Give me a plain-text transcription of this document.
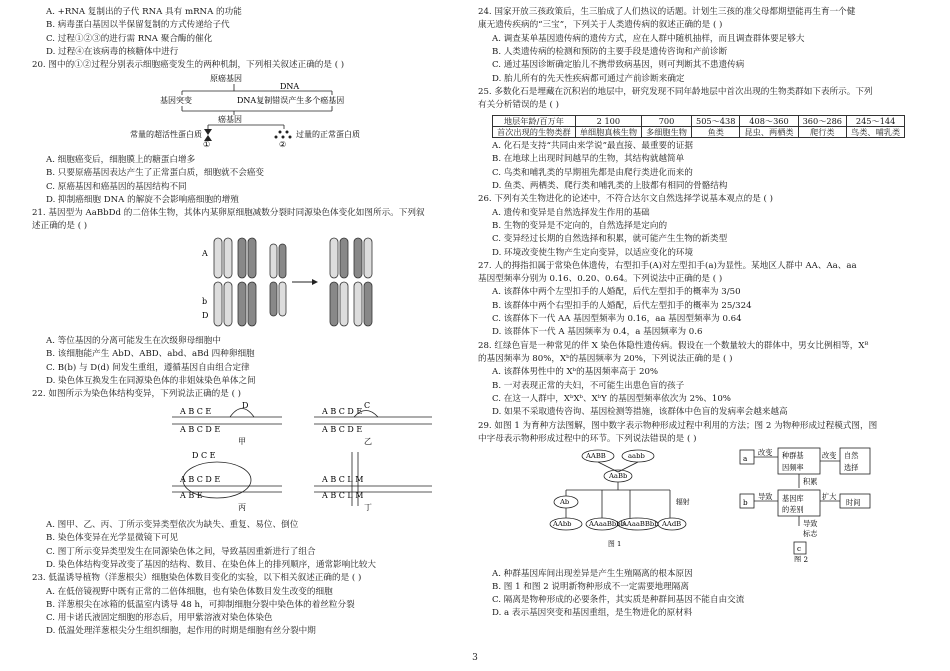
A. +RNA 复制出的子代 RNA 具有 mRNA 的功能
B. 病毒蛋白基因以半保留复制的方式传递给子代
C. 过程①②③的进行需 RNA 聚合酶的催化
D. 过程④在该病毒的核糖体中进行
20. 图中的①②过程分别表示细胞癌变发生的两种机制，下列相关叙述正确的是 ( )
原癌基因
DNA
基因突变	DNA复制错误产生多个癌基因
癌基因
常量的超活性蛋白质	过量的正常蛋白质
①	②
A. 细胞癌变后，细胞膜上的糖蛋白增多
B. 只要原癌基因表达产生了正常蛋白质，细胞就不会癌变
C. 原癌基因和癌基因的基因结构不同
D. 抑制癌细胞 DNA 的解旋不会影响癌细胞的增殖
21. 基因型为 AaBbDd 的二倍体生物，其体内某卵原细胞减数分裂时同源染色体变化如图所示。下列叙
述正确的是 ( )
A
b
D
A. 等位基因的分离可能发生在次级卵母细胞中
B. 该细胞能产生 AbD、ABD、abd、aBd 四种卵细胞
C. B(b) 与 D(d) 间发生重组，遵循基因自由组合定律
D. 染色体互换发生在同源染色体的非姐妹染色单体之间
22. 如图所示为染色体结构变异，下列说法正确的是 ( )
A B C E
D
A B C D E
甲
A B C D E
C
A B C D E
乙
D C E
A B C D E
A B E
丙
A B C L M
A B C L M
丁
A. 图甲、乙、丙、丁所示变异类型依次为缺失、重复、易位、倒位
B. 染色体变异在光学显微镜下可见
C. 图丁所示变异类型发生在同源染色体之间，导致基因重新进行了组合
D. 染色体结构变异改变了基因的结构、数目、在染色体上的排列顺序，通常影响比较大
23. 低温诱导植物（洋葱根尖）细胞染色体数目变化的实验，以下相关叙述正确的是 ( )
A. 在低倍镜视野中既有正常的二倍体细胞，也有染色体数目发生改变的细胞
B. 洋葱根尖在冰箱的低温室内诱导 48 h，可抑制细胞分裂中染色体的着丝粒分裂
C. 用卡诺氏液固定细胞的形态后，用甲紫溶液对染色体染色
D. 低温处理洋葱根尖分生组织细胞，起作用的时期是细胞有丝分裂中期
24. 国家开放三孩政策后，生三胎成了人们热议的话题。计划生三孩的准父母都期望能再生育一个健
康无遗传疾病的“三宝”，下列关于人类遗传病的叙述正确的是 ( )
A. 调查某单基因遗传病的遗传方式，应在人群中随机抽样，而且调查群体要足够大
B. 人类遗传病的检测和预防的主要手段是遗传咨询和产前诊断
C. 通过基因诊断确定胎儿不携带致病基因，则可判断其不患遗传病
D. 胎儿所有的先天性疾病都可通过产前诊断来确定
25. 多数化石是埋藏在沉积岩的地层中，研究发现不同年龄地层中首次出现的生物类群如下表所示。下列
有关分析错误的是 ( )
地层年龄/百万年	2 100	700	505～438	408～360	360～286	245～144
首次出现的生物类群	单细胞真核生物	多细胞生物	鱼类	昆虫、两栖类	爬行类	鸟类、哺乳类
A. 化石是支持“共同由来学说”最直接、最重要的证据
B. 在地球上出现时间越早的生物，其结构就越简单
C. 鸟类和哺乳类的早期祖先都是由爬行类进化而来的
D. 鱼类、两栖类、爬行类和哺乳类的上肢都有相同的骨骼结构
26. 下列有关生物进化的论述中，不符合达尔文自然选择学说基本观点的是 ( )
A. 遗传和变异是自然选择发生作用的基础
B. 生物的变异是不定向的，自然选择是定向的
C. 变异经过长期的自然选择和积累，就可能产生生物的新类型
D. 环境改变使生物产生定向变异，以适应变化的环境
27. 人的拇指扣属于常染色体遗传，右型扣手(A)对左型扣手(a)为显性。某地区人群中 AA、Aa、aa
基因型频率分别为 0.16、0.20、0.64。下列说法中正确的是 ( )
A. 该群体中两个左型扣手的人婚配，后代左型扣手的概率为 3/50
B. 该群体中两个右型扣手的人婚配，后代左型扣手的概率为 25/324
C. 该群体下一代 AA 基因型频率为 0.16，aa 基因型频率为 0.64
D. 该群体下一代 A 基因频率为 0.4，a 基因频率为 0.6
28. 红绿色盲是一种常见的伴 X 染色体隐性遗传病。假设在一个数量较大的群体中，男女比例相等，Xᴮ
的基因频率为 80%，Xᵇ的基因频率为 20%，下列说法正确的是 ( )
A. 该群体男性中的 Xᵇ的基因频率高于 20%
B. 一对表现正常的夫妇，不可能生出患色盲的孩子
C. 在这一人群中，XᵇXᵇ、XᵇY 的基因型频率依次为 2%、10%
D. 如果不采取遗传咨询、基因检测等措施，该群体中色盲的发病率会越来越高
29. 如图 1 为育种方法图解，图中数字表示物种形成过程中利用的方法；图 2 为物种形成过程模式图，图
中字母表示物种形成过程中的环节。下列说法错误的是 ( )
AABB	aabb
AaBb
Ab
AAbb	AAaaBbbb
AAaaBBbb AAdB
辐射
图 1
a
改变 种群基
因频率
改变 自然
选择
积累
b
导致 基因库
的差别
扩大
时间
导致
标志
c
图 2
A. 种群基因库间出现差异是产生生殖隔离的根本原因
B. 图 1 和图 2 说明新物种形成不一定需要地理隔离
C. 隔离是物种形成的必要条件，其实质是种群间基因不能自由交流
D. a 表示基因突变和基因重组，是生物进化的原材料
3
